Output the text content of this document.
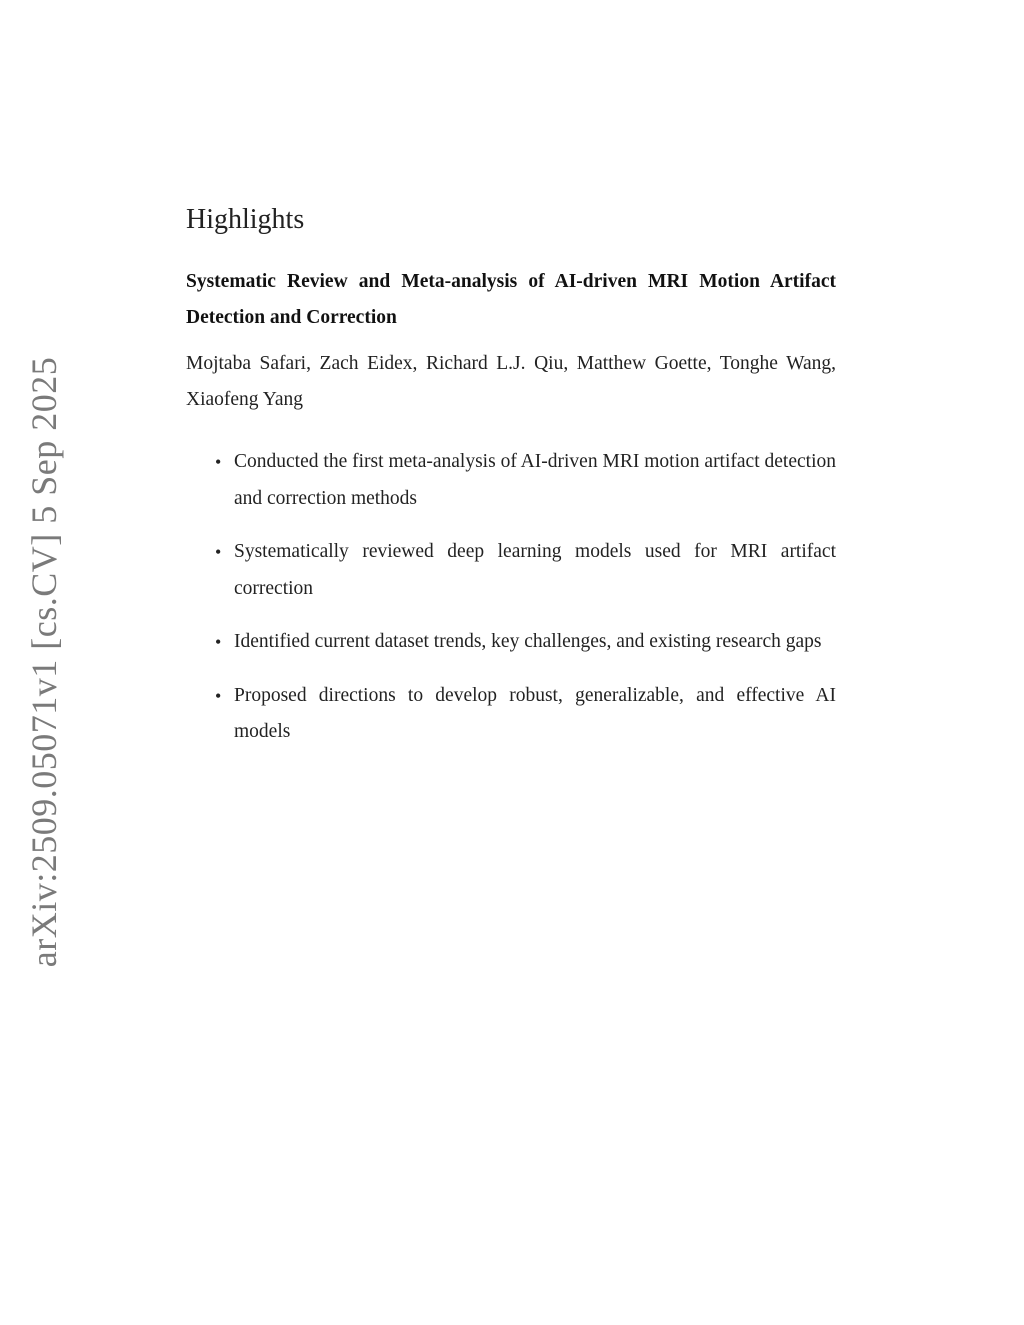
arXiv:2509.05071v1 [cs.CV] 5 Sep 2025
Highlights
Systematic Review and Meta-analysis of AI-driven MRI Motion Artifact Detection and Correction
Mojtaba Safari, Zach Eidex, Richard L.J. Qiu, Matthew Goette, Tonghe Wang, Xiaofeng Yang
• Conducted the first meta-analysis of AI-driven MRI motion artifact detection and correction methods
• Systematically reviewed deep learning models used for MRI artifact correction
• Identified current dataset trends, key challenges, and existing research gaps
• Proposed directions to develop robust, generalizable, and effective AI models
